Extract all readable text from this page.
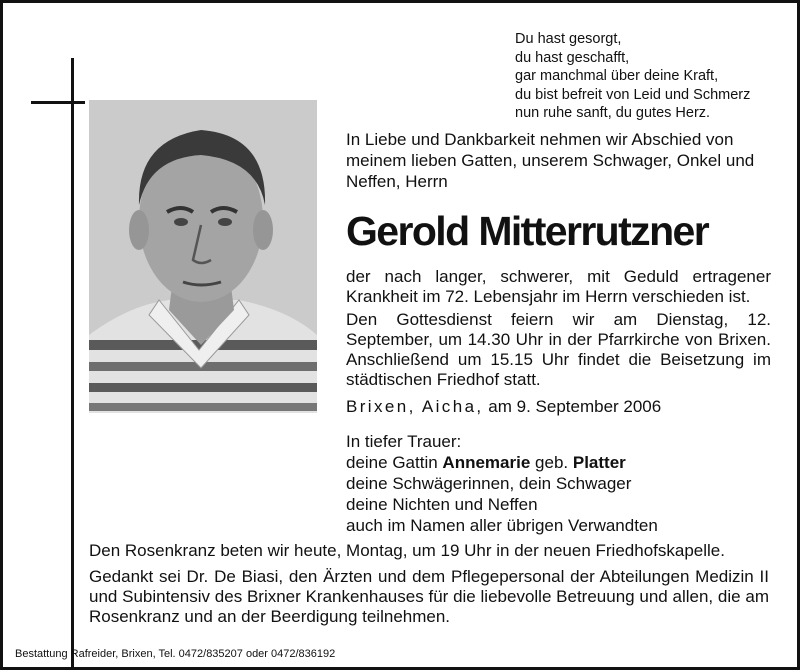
Du hast gesorgt,
du hast geschafft,
gar manchmal über deine Kraft,
du bist befreit von Leid und Schmerz
nun ruhe sanft, du gutes Herz.
In Liebe und Dankbarkeit nehmen wir Abschied von meinem lieben Gatten, unserem Schwager, Onkel und Neffen, Herrn
Gerold Mitterrutzner
der nach langer, schwerer, mit Geduld ertragener Krankheit im 72. Lebensjahr im Herrn verschieden ist.
Den Gottesdienst feiern wir am Dienstag, 12. September, um 14.30 Uhr in der Pfarrkirche von Brixen. Anschließend um 15.15 Uhr findet die Beisetzung im städtischen Friedhof statt.
Brixen, Aicha, am 9. September 2006
In tiefer Trauer:
deine Gattin Annemarie geb. Platter
deine Schwägerinnen, dein Schwager
deine Nichten und Neffen
auch im Namen aller übrigen Verwandten
Den Rosenkranz beten wir heute, Montag, um 19 Uhr in der neuen Friedhofskapelle.
Gedankt sei Dr. De Biasi, den Ärzten und dem Pflegepersonal der Abteilungen Medizin II und Subintensiv des Brixner Krankenhauses für die liebevolle Betreuung und allen, die am Rosenkranz und an der Beerdigung teilnehmen.
Bestattung Rafreider, Brixen, Tel. 0472/835207 oder 0472/836192
